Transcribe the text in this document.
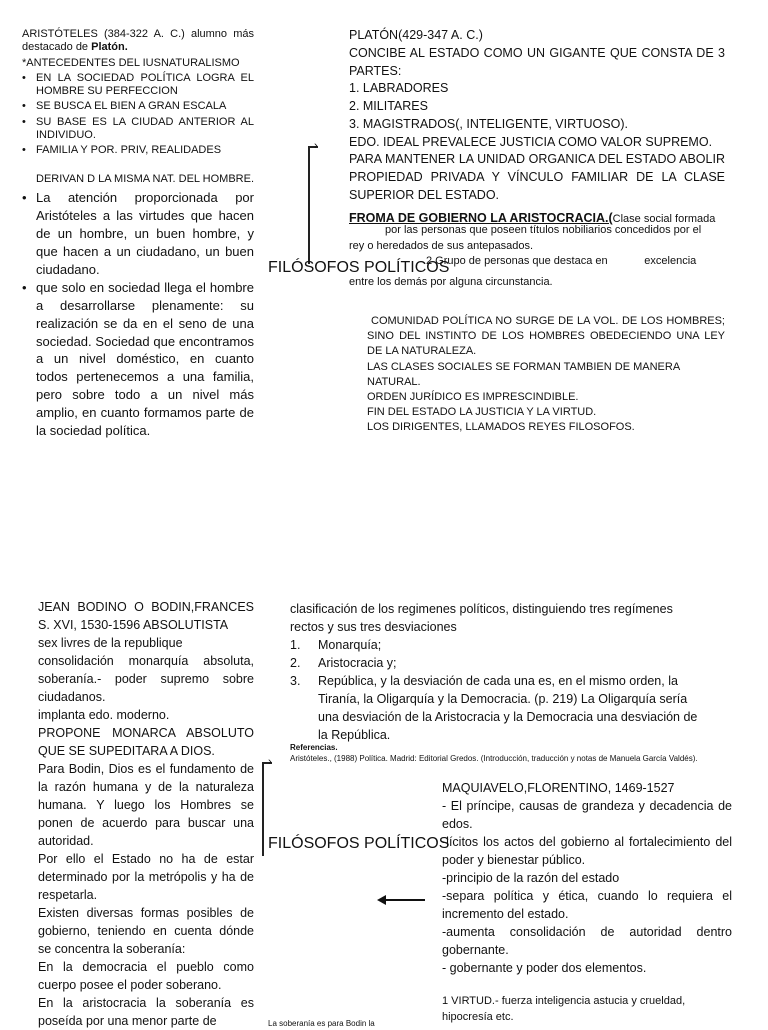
ARISTÓTELES (384-322 A. C.) alumno más destacado de Platón.
*ANTECEDENTES DEL IUSNATURALISMO
• EN LA SOCIEDAD POLÍTICA LOGRA EL HOMBRE SU PERFECCION
• SE BUSCA EL BIEN A GRAN ESCALA
• SU BASE ES LA CIUDAD ANTERIOR AL INDIVIDUO.
• FAMILIA Y POR. PRIV, REALIDADES
DERIVAN D LA MISMA NAT. DEL HOMBRE.
• La atención proporcionada por Aristóteles a las virtudes que hacen de un hombre, un buen hombre, y que hacen a un ciudadano, un buen ciudadano.
• que solo en sociedad llega el hombre a desarrollarse plenamente: su realización se da en el seno de una sociedad. Sociedad que encontramos a un nivel doméstico, en cuanto todos pertenecemos a una familia, pero sobre todo a un nivel más amplio, en cuanto formamos parte de la sociedad política.
PLATÓN(429-347 A. C.)
CONCIBE AL ESTADO COMO UN GIGANTE QUE CONSTA DE 3 PARTES:
1. LABRADORES
2. MILITARES
3. MAGISTRADOS(, INTELIGENTE, VIRTUOSO).
EDO. IDEAL PREVALECE JUSTICIA COMO VALOR SUPREMO.
PARA MANTENER LA UNIDAD ORGANICA DEL ESTADO ABOLIR PROPIEDAD PRIVADA Y VÍNCULO FAMILIAR DE LA CLASE SUPERIOR DEL ESTADO.
FROMA DE GOBIERNO LA ARISTOCRACIA.(Clase social formada
por las personas que poseen títulos nobiliarios concedidos por el rey o heredados de sus antepasados.
2 Grupo de personas que destaca en            excelencia
entre los demás por alguna circunstancia.
COMUNIDAD POLÍTICA NO SURGE DE LA VOL. DE LOS HOMBRES; SINO DEL INSTINTO DE LOS HOMBRES OBEDECIENDO UNA LEY DE LA NATURALEZA.
LAS CLASES SOCIALES SE FORMAN TAMBIEN DE MANERA NATURAL.
ORDEN JURÍDICO ES IMPRESCINDIBLE.
FIN DEL ESTADO LA JUSTICIA Y LA VIRTUD.
LOS DIRIGENTES, LLAMADOS REYES FILOSOFOS.
›
FILÓSOFOS POLÍTICOS
JEAN BODINO O BODIN,FRANCES S. XVI, 1530-1596 ABSOLUTISTA
sex livres de la republique
consolidación monarquía absoluta, soberanía.- poder supremo sobre ciudadanos.
implanta edo. moderno.
PROPONE MONARCA ABSOLUTO QUE SE SUPEDITARA A DIOS.
Para Bodin, Dios es el fundamento de la razón humana y de la naturaleza humana. Y luego los Hombres se ponen de acuerdo para buscar una autoridad.
Por ello el Estado no ha de estar determinado por la metrópolis y ha de respetarla.
Existen diversas formas posibles de gobierno, teniendo en cuenta dónde se concentra la soberanía:
En la democracia el pueblo como cuerpo posee el poder soberano.
En la aristocracia la soberanía es poseída por una menor parte de
clasificación de los regimenes políticos, distinguiendo tres regímenes rectos y sus tres desviaciones
1.	Monarquía;
2.	Aristocracia y;
3.	República, y la desviación de cada una es, en el mismo orden, la Tiranía, la Oligarquía y la Democracia. (p. 219) La Oligarquía sería una desviación de la Aristocracia y la Democracia una desviación de la República.
Referencias.
Aristóteles., (1988) Política. Madrid: Editorial Gredos. (Introducción, traducción y notas de Manuela García Valdés).
›
FILÓSOFOS POLÍTICOS
MAQUIAVELO,FLORENTINO, 1469-1527
- El príncipe, causas de grandeza y decadencia de edos.
-lícitos los actos del gobierno al fortalecimiento del poder y bienestar público.
-principio de la razón del estado
-separa política y ética, cuando lo requiera el incremento del estado.
-aumenta consolidación de autoridad dentro gobernante.
- gobernante y poder dos elementos.
1 VIRTUD.- fuerza inteligencia astucia y crueldad, hipocresía etc.
La soberanía es para Bodin la
